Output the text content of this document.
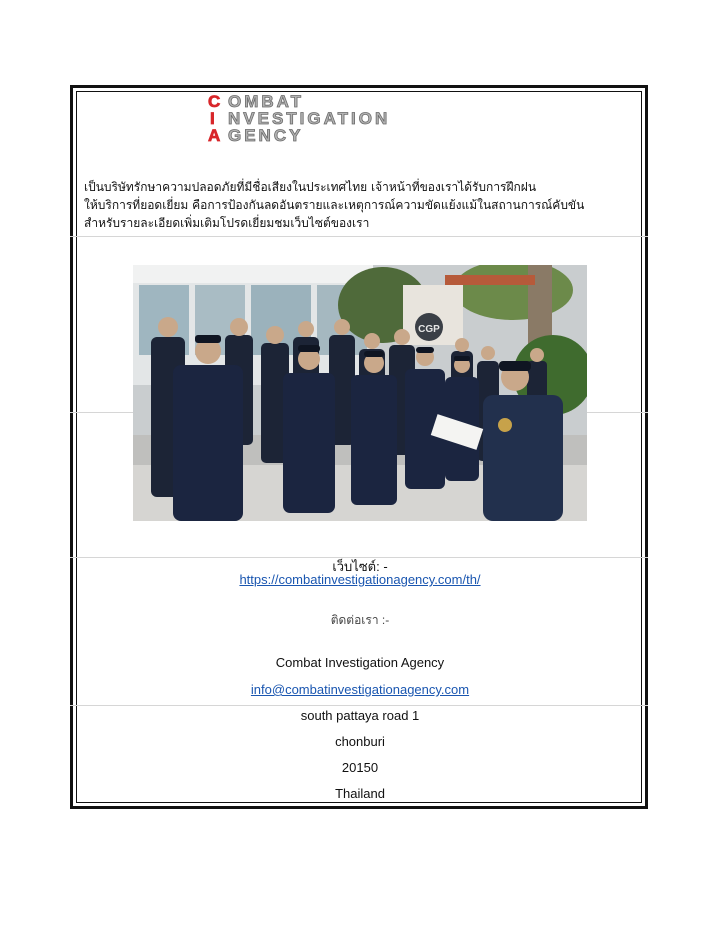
C OMBAT
I NVESTIGATION
A GENCY
เป็นบริษัทรักษาความปลอดภัยที่มีชื่อเสียงในประเทศไทย เจ้าหน้าที่ของเราได้รับการฝึกฝน
ให้บริการที่ยอดเยี่ยม คือการป้องกันลดอันตรายและเหตุการณ์ความขัดแย้งแม้ในสถานการณ์คับขัน
สำหรับรายละเอียดเพิ่มเติมโปรดเยี่ยมชมเว็บไซต์ของเรา
CGP
เว็บไซต์: -
https://combatinvestigationagency.com/th/
ติดต่อเรา :-
Combat Investigation Agency
info@combatinvestigationagency.com
south pattaya road 1
chonburi
20150
Thailand
